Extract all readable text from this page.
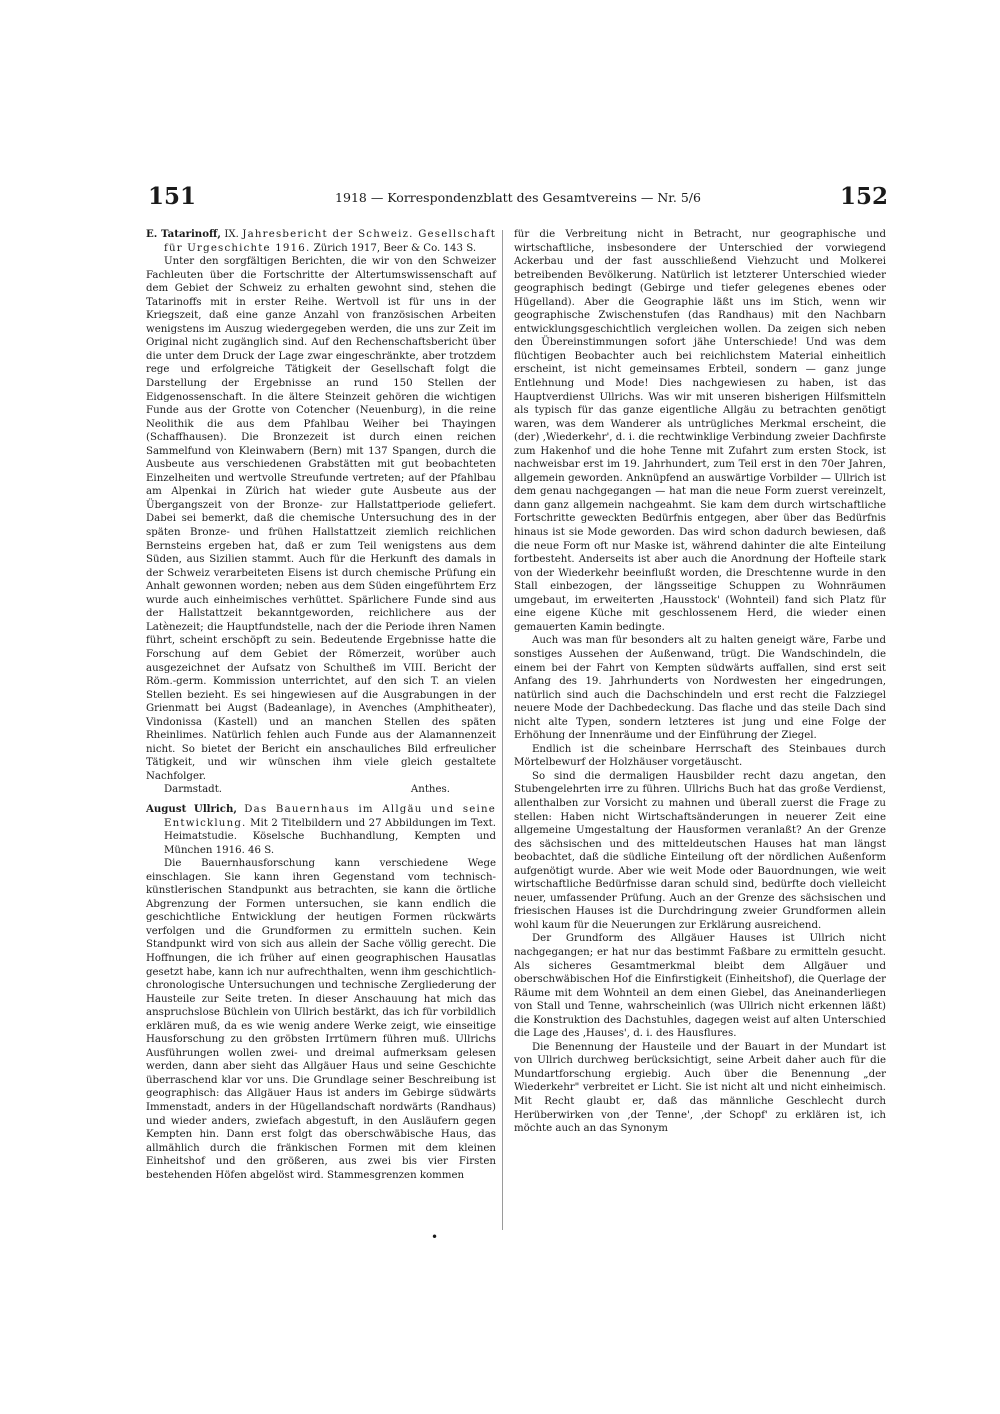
151	1918 — Korrespondenzblatt des Gesamtvereins — Nr. 5/6	152

E. Tatarinoff, IX. Jahresbericht der Schweiz. Gesellschaft für Urgeschichte 1916. Zürich 1917, Beer & Co. 143 S.

Unter den sorgfältigen Berichten, die wir von den Schweizer Fachleuten über die Fortschritte der Altertumswissenschaft auf dem Gebiet der Schweiz zu erhalten gewohnt sind, stehen die Tatarinoffs mit in erster Reihe. Wertvoll ist für uns in der Kriegszeit, daß eine ganze Anzahl von französischen Arbeiten wenigstens im Auszug wiedergegeben werden, die uns zur Zeit im Original nicht zugänglich sind. Auf den Rechenschaftsbericht über die unter dem Druck der Lage zwar eingeschränkte, aber trotzdem rege und erfolgreiche Tätigkeit der Gesellschaft folgt die Darstellung der Ergebnisse an rund 150 Stellen der Eidgenossenschaft. In die ältere Steinzeit gehören die wichtigen Funde aus der Grotte von Cotencher (Neuenburg), in die reine Neolithik die aus dem Pfahlbau Weiher bei Thayingen (Schaffhausen). Die Bronzezeit ist durch einen reichen Sammelfund von Kleinwabern (Bern) mit 137 Spangen, durch die Ausbeute aus verschiedenen Grabstätten mit gut beobachteten Einzelheiten und wertvolle Streufunde vertreten; auf der Pfahlbau am Alpenkai in Zürich hat wieder gute Ausbeute aus der Übergangszeit von der Bronze- zur Hallstattperiode geliefert. Dabei sei bemerkt, daß die chemische Untersuchung des in der späten Bronze- und frühen Hallstattzeit ziemlich reichlichen Bernsteins ergeben hat, daß er zum Teil wenigstens aus dem Süden, aus Sizilien stammt. Auch für die Herkunft des damals in der Schweiz verarbeiteten Eisens ist durch chemische Prüfung ein Anhalt gewonnen worden; neben aus dem Süden eingeführtem Erz wurde auch einheimisches verhüttet. Spärlichere Funde sind aus der Hallstattzeit bekanntgeworden, reichlichere aus der Latènezeit; die Hauptfundstelle, nach der die Periode ihren Namen führt, scheint erschöpft zu sein. Bedeutende Ergebnisse hatte die Forschung auf dem Gebiet der Römerzeit, worüber auch ausgezeichnet der Aufsatz von Schultheß im VIII. Bericht der Röm.-germ. Kommission unterrichtet, auf den sich T. an vielen Stellen bezieht. Es sei hingewiesen auf die Ausgrabungen in der Grienmatt bei Augst (Badeanlage), in Avenches (Amphitheater), Vindonissa (Kastell) und an manchen Stellen des späten Rheinlimes. Natürlich fehlen auch Funde aus der Alamannenzeit nicht. So bietet der Bericht ein anschauliches Bild erfreulicher Tätigkeit, und wir wünschen ihm viele gleich gestaltete Nachfolger.

Darmstadt.	Anthes.

August Ullrich, Das Bauernhaus im Allgäu und seine Entwicklung. Mit 2 Titelbildern und 27 Abbildungen im Text. Heimatstudie. Köselsche Buchhandlung, Kempten und München 1916. 46 S.

Die Bauernhausforschung kann verschiedene Wege einschlagen. Sie kann ihren Gegenstand vom technisch-künstlerischen Standpunkt aus betrachten, sie kann die örtliche Abgrenzung der Formen untersuchen, sie kann endlich die geschichtliche Entwicklung der heutigen Formen rückwärts verfolgen und die Grundformen zu ermitteln suchen. Kein Standpunkt wird von sich aus allein der Sache völlig gerecht. Die Hoffnungen, die ich früher auf einen geographischen Hausatlas gesetzt habe, kann ich nur aufrechthalten, wenn ihm geschichtlich-chronologische Untersuchungen und technische Zergliederung der Hausteile zur Seite treten. In dieser Anschauung hat mich das anspruchslose Büchlein von Ullrich bestärkt, das ich für vorbildlich erklären muß, da es wie wenig andere Werke zeigt, wie einseitige Hausforschung zu den gröbsten Irrtümern führen muß. Ullrichs Ausführungen wollen zwei- und dreimal aufmerksam gelesen werden, dann aber sieht das Allgäuer Haus und seine Geschichte überraschend klar vor uns. Die Grundlage seiner Beschreibung ist geographisch: das Allgäuer Haus ist anders im Gebirge südwärts Immenstadt, anders in der Hügellandschaft nordwärts (Randhaus) und wieder anders, zwiefach abgestuft, in den Ausläufern gegen Kempten hin. Dann erst folgt das oberschwäbische Haus, das allmählich durch die fränkischen Formen mit dem kleinen Einheitshof und den größeren, aus zwei bis vier Firsten bestehenden Höfen abgelöst wird. Stammesgrenzen kommen

für die Verbreitung nicht in Betracht, nur geographische und wirtschaftliche, insbesondere der Unterschied der vorwiegend Ackerbau und der fast ausschließend Viehzucht und Molkerei betreibenden Bevölkerung. Natürlich ist letzterer Unterschied wieder geographisch bedingt (Gebirge und tiefer gelegenes ebenes oder Hügelland). Aber die Geographie läßt uns im Stich, wenn wir geographische Zwischenstufen (das Randhaus) mit den Nachbarn entwicklungsgeschichtlich vergleichen wollen. Da zeigen sich neben den Übereinstimmungen sofort jähe Unterschiede! Und was dem flüchtigen Beobachter auch bei reichlichstem Material einheitlich erscheint, ist nicht gemeinsames Erbteil, sondern — ganz junge Entlehnung und Mode! Dies nachgewiesen zu haben, ist das Hauptverdienst Ullrichs. Was wir mit unseren bisherigen Hilfsmitteln als typisch für das ganze eigentliche Allgäu zu betrachten genötigt waren, was dem Wanderer als untrügliches Merkmal erscheint, die (der) ‚Wiederkehr', d. i. die rechtwinklige Verbindung zweier Dachfirste zum Hakenhof und die hohe Tenne mit Zufahrt zum ersten Stock, ist nachweisbar erst im 19. Jahrhundert, zum Teil erst in den 70er Jahren, allgemein geworden. Anknüpfend an auswärtige Vorbilder — Ullrich ist dem genau nachgegangen — hat man die neue Form zuerst vereinzelt, dann ganz allgemein nachgeahmt. Sie kam dem durch wirtschaftliche Fortschritte geweckten Bedürfnis entgegen, aber über das Bedürfnis hinaus ist sie Mode geworden. Das wird schon dadurch bewiesen, daß die neue Form oft nur Maske ist, während dahinter die alte Einteilung fortbesteht. Anderseits ist aber auch die Anordnung der Hofteile stark von der Wiederkehr beeinflußt worden, die Dreschtenne wurde in den Stall einbezogen, der längsseitige Schuppen zu Wohnräumen umgebaut, im erweiterten ‚Hausstock' (Wohnteil) fand sich Platz für eine eigene Küche mit geschlossenem Herd, die wieder einen gemauerten Kamin bedingte.

Auch was man für besonders alt zu halten geneigt wäre, Farbe und sonstiges Aussehen der Außenwand, trügt. Die Wandschindeln, die einem bei der Fahrt von Kempten südwärts auffallen, sind erst seit Anfang des 19. Jahrhunderts von Nordwesten her eingedrungen, natürlich sind auch die Dachschindeln und erst recht die Falzziegel neuere Mode der Dachbedeckung. Das flache und das steile Dach sind nicht alte Typen, sondern letzteres ist jung und eine Folge der Erhöhung der Innenräume und der Einführung der Ziegel.

Endlich ist die scheinbare Herrschaft des Steinbaues durch Mörtelbewurf der Holzhäuser vorgetäuscht.

So sind die dermaligen Hausbilder recht dazu angetan, den Stubengelehrten irre zu führen. Ullrichs Buch hat das große Verdienst, allenthalben zur Vorsicht zu mahnen und überall zuerst die Frage zu stellen: Haben nicht Wirtschaftsänderungen in neuerer Zeit eine allgemeine Umgestaltung der Hausformen veranlaßt? An der Grenze des sächsischen und des mitteldeutschen Hauses hat man längst beobachtet, daß die südliche Einteilung oft der nördlichen Außenform aufgenötigt wurde. Aber wie weit Mode oder Bauordnungen, wie weit wirtschaftliche Bedürfnisse daran schuld sind, bedürfte doch vielleicht neuer, umfassender Prüfung. Auch an der Grenze des sächsischen und friesischen Hauses ist die Durchdringung zweier Grundformen allein wohl kaum für die Neuerungen zur Erklärung ausreichend.

Der Grundform des Allgäuer Hauses ist Ullrich nicht nachgegangen; er hat nur das bestimmt Faßbare zu ermitteln gesucht. Als sicheres Gesamtmerkmal bleibt dem Allgäuer und oberschwäbischen Hof die Einfirstigkeit (Einheitshof), die Querlage der Räume mit dem Wohnteil an dem einen Giebel, das Aneinanderliegen von Stall und Tenne, wahrscheinlich (was Ullrich nicht erkennen läßt) die Konstruktion des Dachstuhles, dagegen weist auf alten Unterschied die Lage des ‚Hauses', d. i. des Hausflures.

Die Benennung der Hausteile und der Bauart in der Mundart ist von Ullrich durchweg berücksichtigt, seine Arbeit daher auch für die Mundartforschung ergiebig. Auch über die Benennung „der Wiederkehr" verbreitet er Licht. Sie ist nicht alt und nicht einheimisch. Mit Recht glaubt er, daß das männliche Geschlecht durch Herüberwirken von ‚der Tenne', ‚der Schopf' zu erklären ist, ich möchte auch an das Synonym

•
